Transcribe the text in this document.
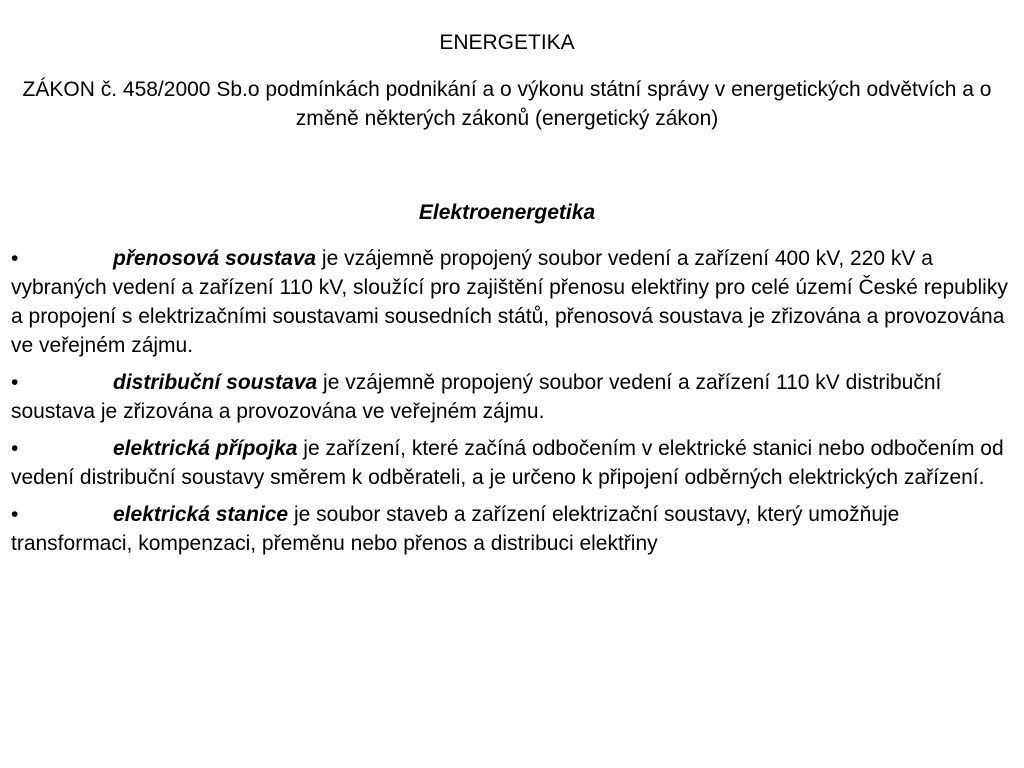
ENERGETIKA
ZÁKON č. 458/2000 Sb.o podmínkách podnikání a o výkonu státní správy v energetických odvětvích a o změně některých zákonů (energetický zákon)
Elektroenergetika
•	přenosová soustava je vzájemně propojený soubor vedení a zařízení 400 kV, 220 kV a vybraných vedení a zařízení 110 kV, sloužící pro zajištění přenosu elektřiny pro celé území České republiky a propojení s elektrizačními soustavami sousedních států, přenosová soustava je zřizována a provozována ve veřejném zájmu.
•	distribuční soustava je vzájemně propojený soubor vedení a zařízení 110 kV distribuční soustava je zřizována a provozována ve veřejném zájmu.
•	elektrická přípojka je zařízení, které začíná odbočením v elektrické stanici nebo odbočením od vedení distribuční soustavy směrem k odběrateli, a je určeno k připojení odběrných elektrických zařízení.
•	elektrická stanice je soubor staveb a zařízení elektrizační soustavy, který umožňuje transformaci, kompenzaci, přeměnu nebo přenos a distribuci elektřiny
